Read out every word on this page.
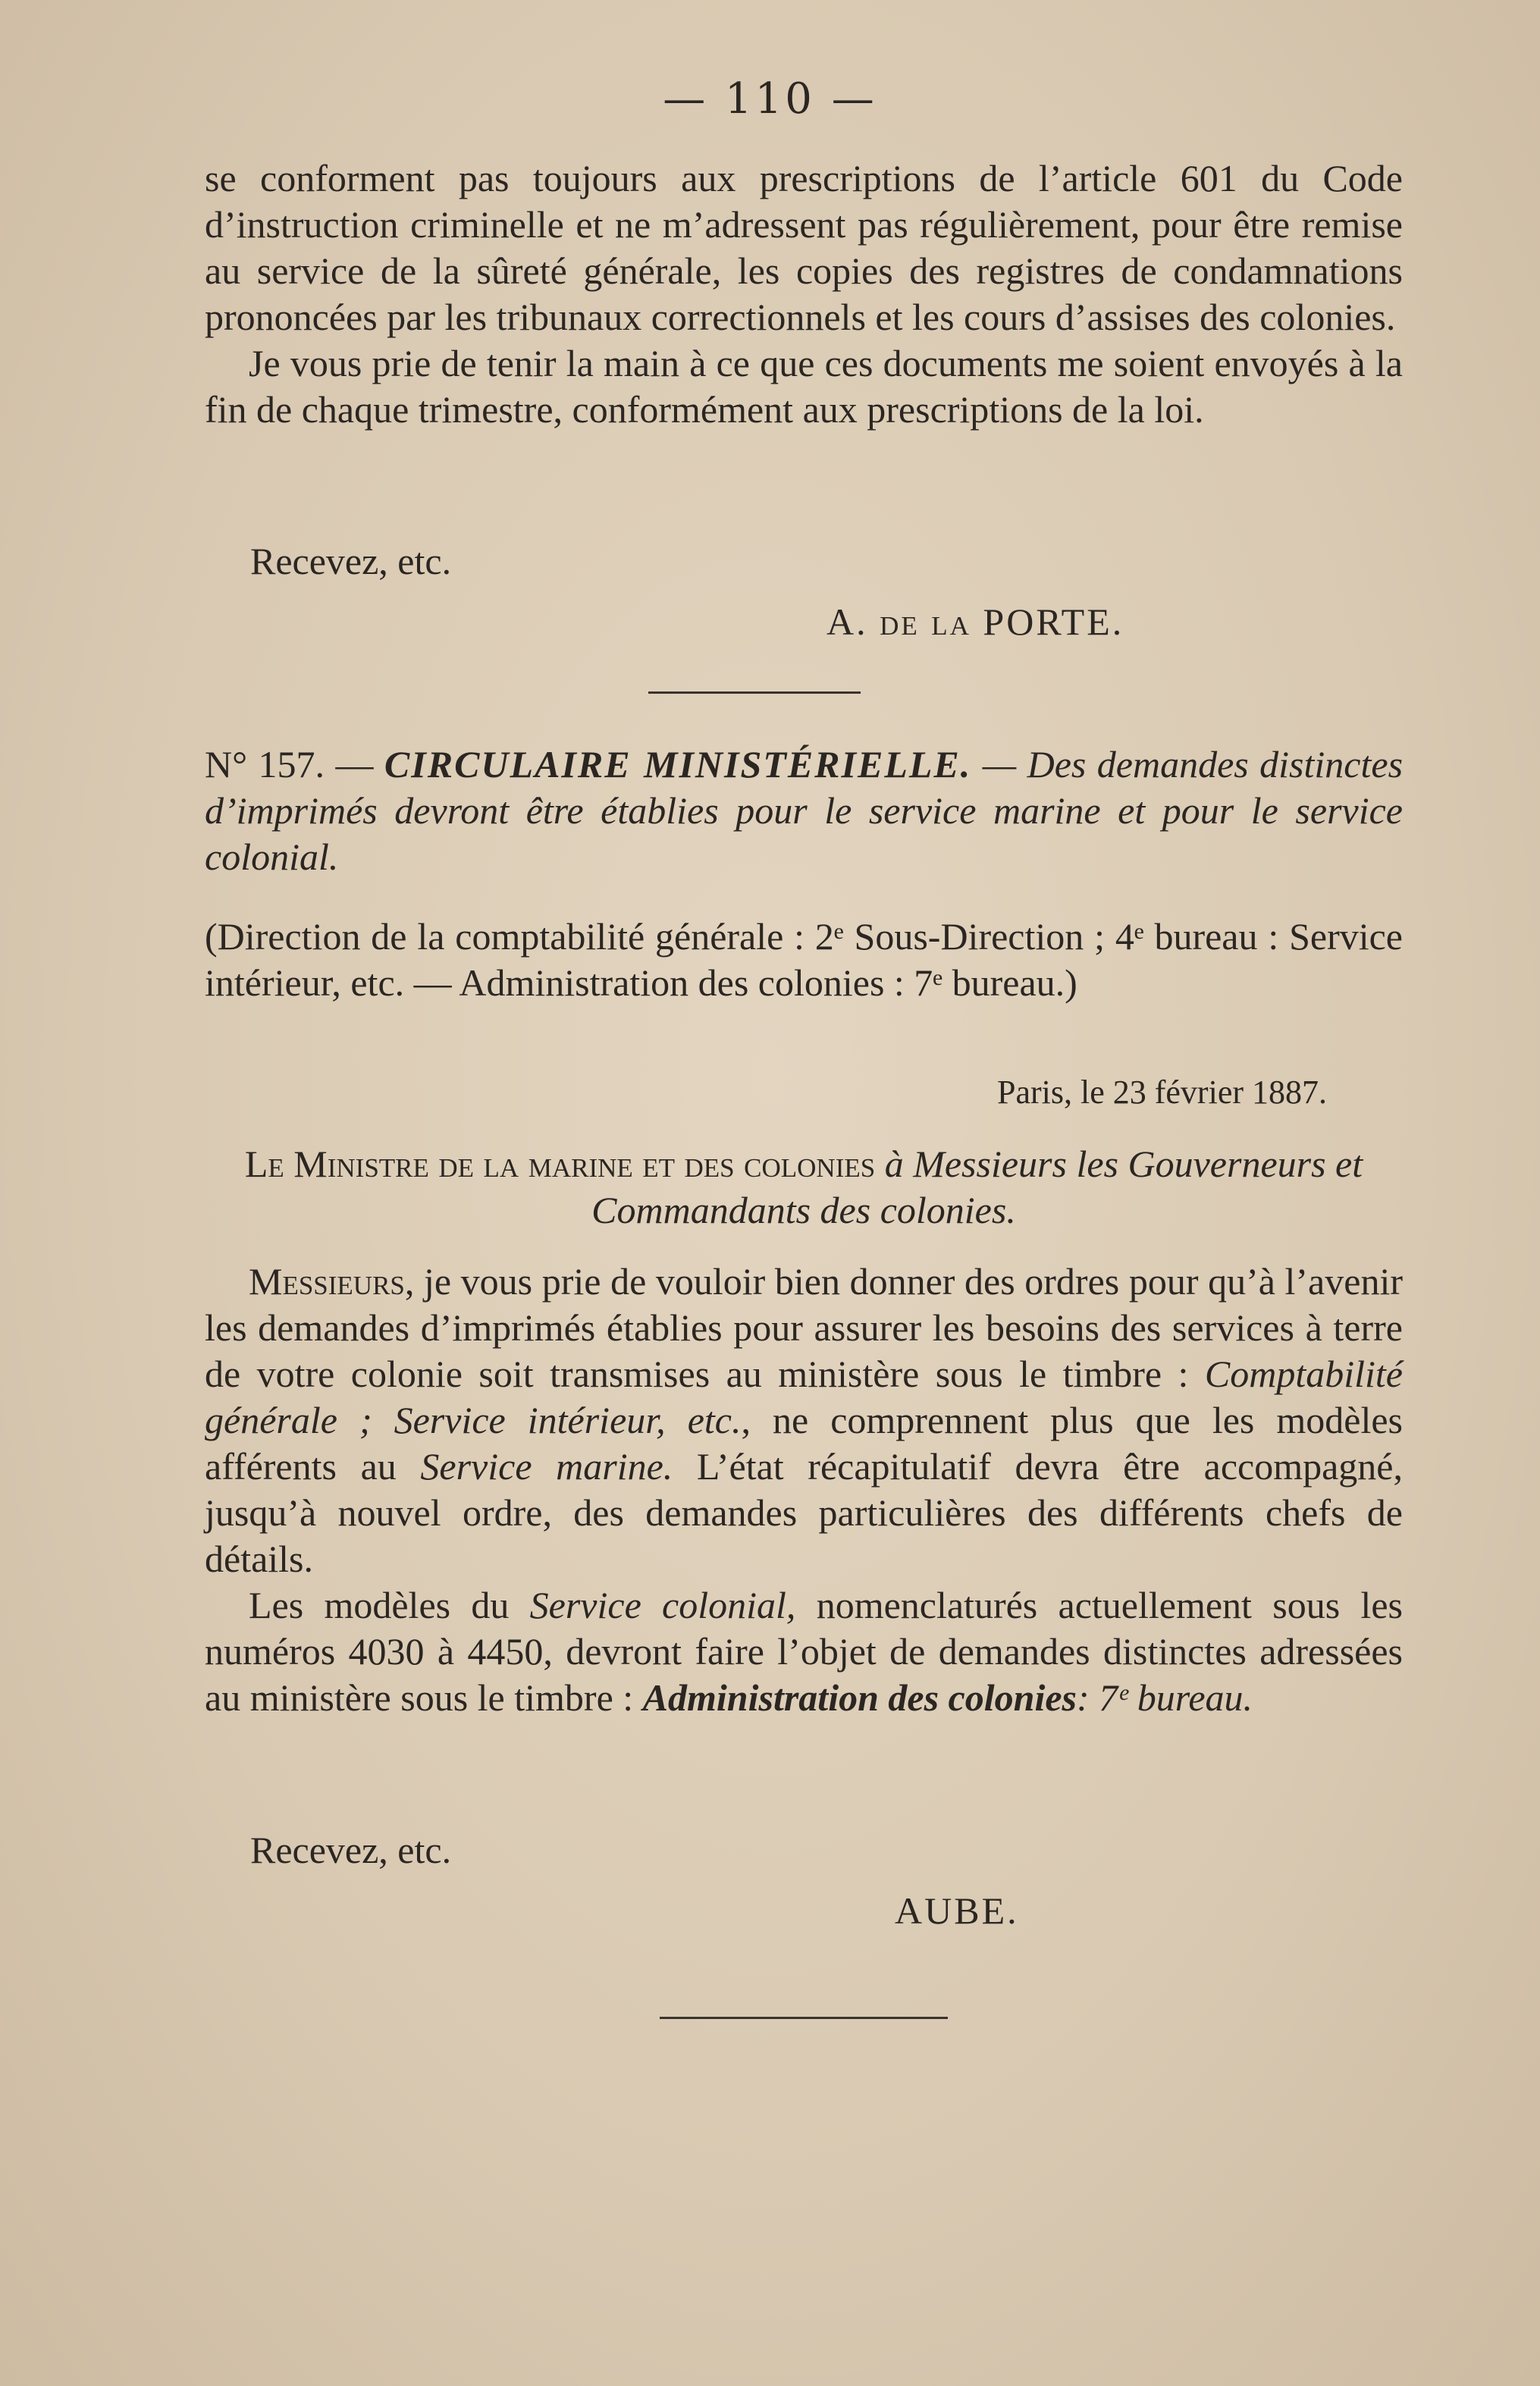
— 110 —

se conforment pas toujours aux prescriptions de l’article 601 du Code d’instruction criminelle et ne m’adressent pas régulièrement, pour être remise au service de la sûreté générale, les copies des registres de condamnations prononcées par les tribunaux correctionnels et les cours d’assises des colonies.

Je vous prie de tenir la main à ce que ces documents me soient envoyés à la fin de chaque trimestre, conformément aux prescriptions de la loi.

Recevez, etc.
A. de la PORTE.

N° 157. — CIRCULAIRE MINISTÉRIELLE. — Des demandes distinctes d’imprimés devront être établies pour le service marine et pour le service colonial.

(Direction de la comptabilité générale : 2ᵉ Sous-Direction ; 4ᵉ bureau : Service intérieur, etc. — Administration des colonies : 7ᵉ bureau.)

Paris, le 23 février 1887.
Le Ministre de la marine et des colonies à Messieurs les Gouverneurs et Commandants des colonies.

Messieurs, je vous prie de vouloir bien donner des ordres pour qu’à l’avenir les demandes d’imprimés établies pour assurer les besoins des services à terre de votre colonie soit transmises au ministère sous le timbre : Comptabilité générale ; Service intérieur, etc., ne comprennent plus que les modèles afférents au Service marine. L’état récapitulatif devra être accompagné, jusqu’à nouvel ordre, des demandes particulières des différents chefs de détails.

Les modèles du Service colonial, nomenclaturés actuellement sous les numéros 4030 à 4450, devront faire l’objet de demandes distinctes adressées au ministère sous le timbre : Administration des colonies: 7ᵉ bureau.

Recevez, etc.
AUBE.
